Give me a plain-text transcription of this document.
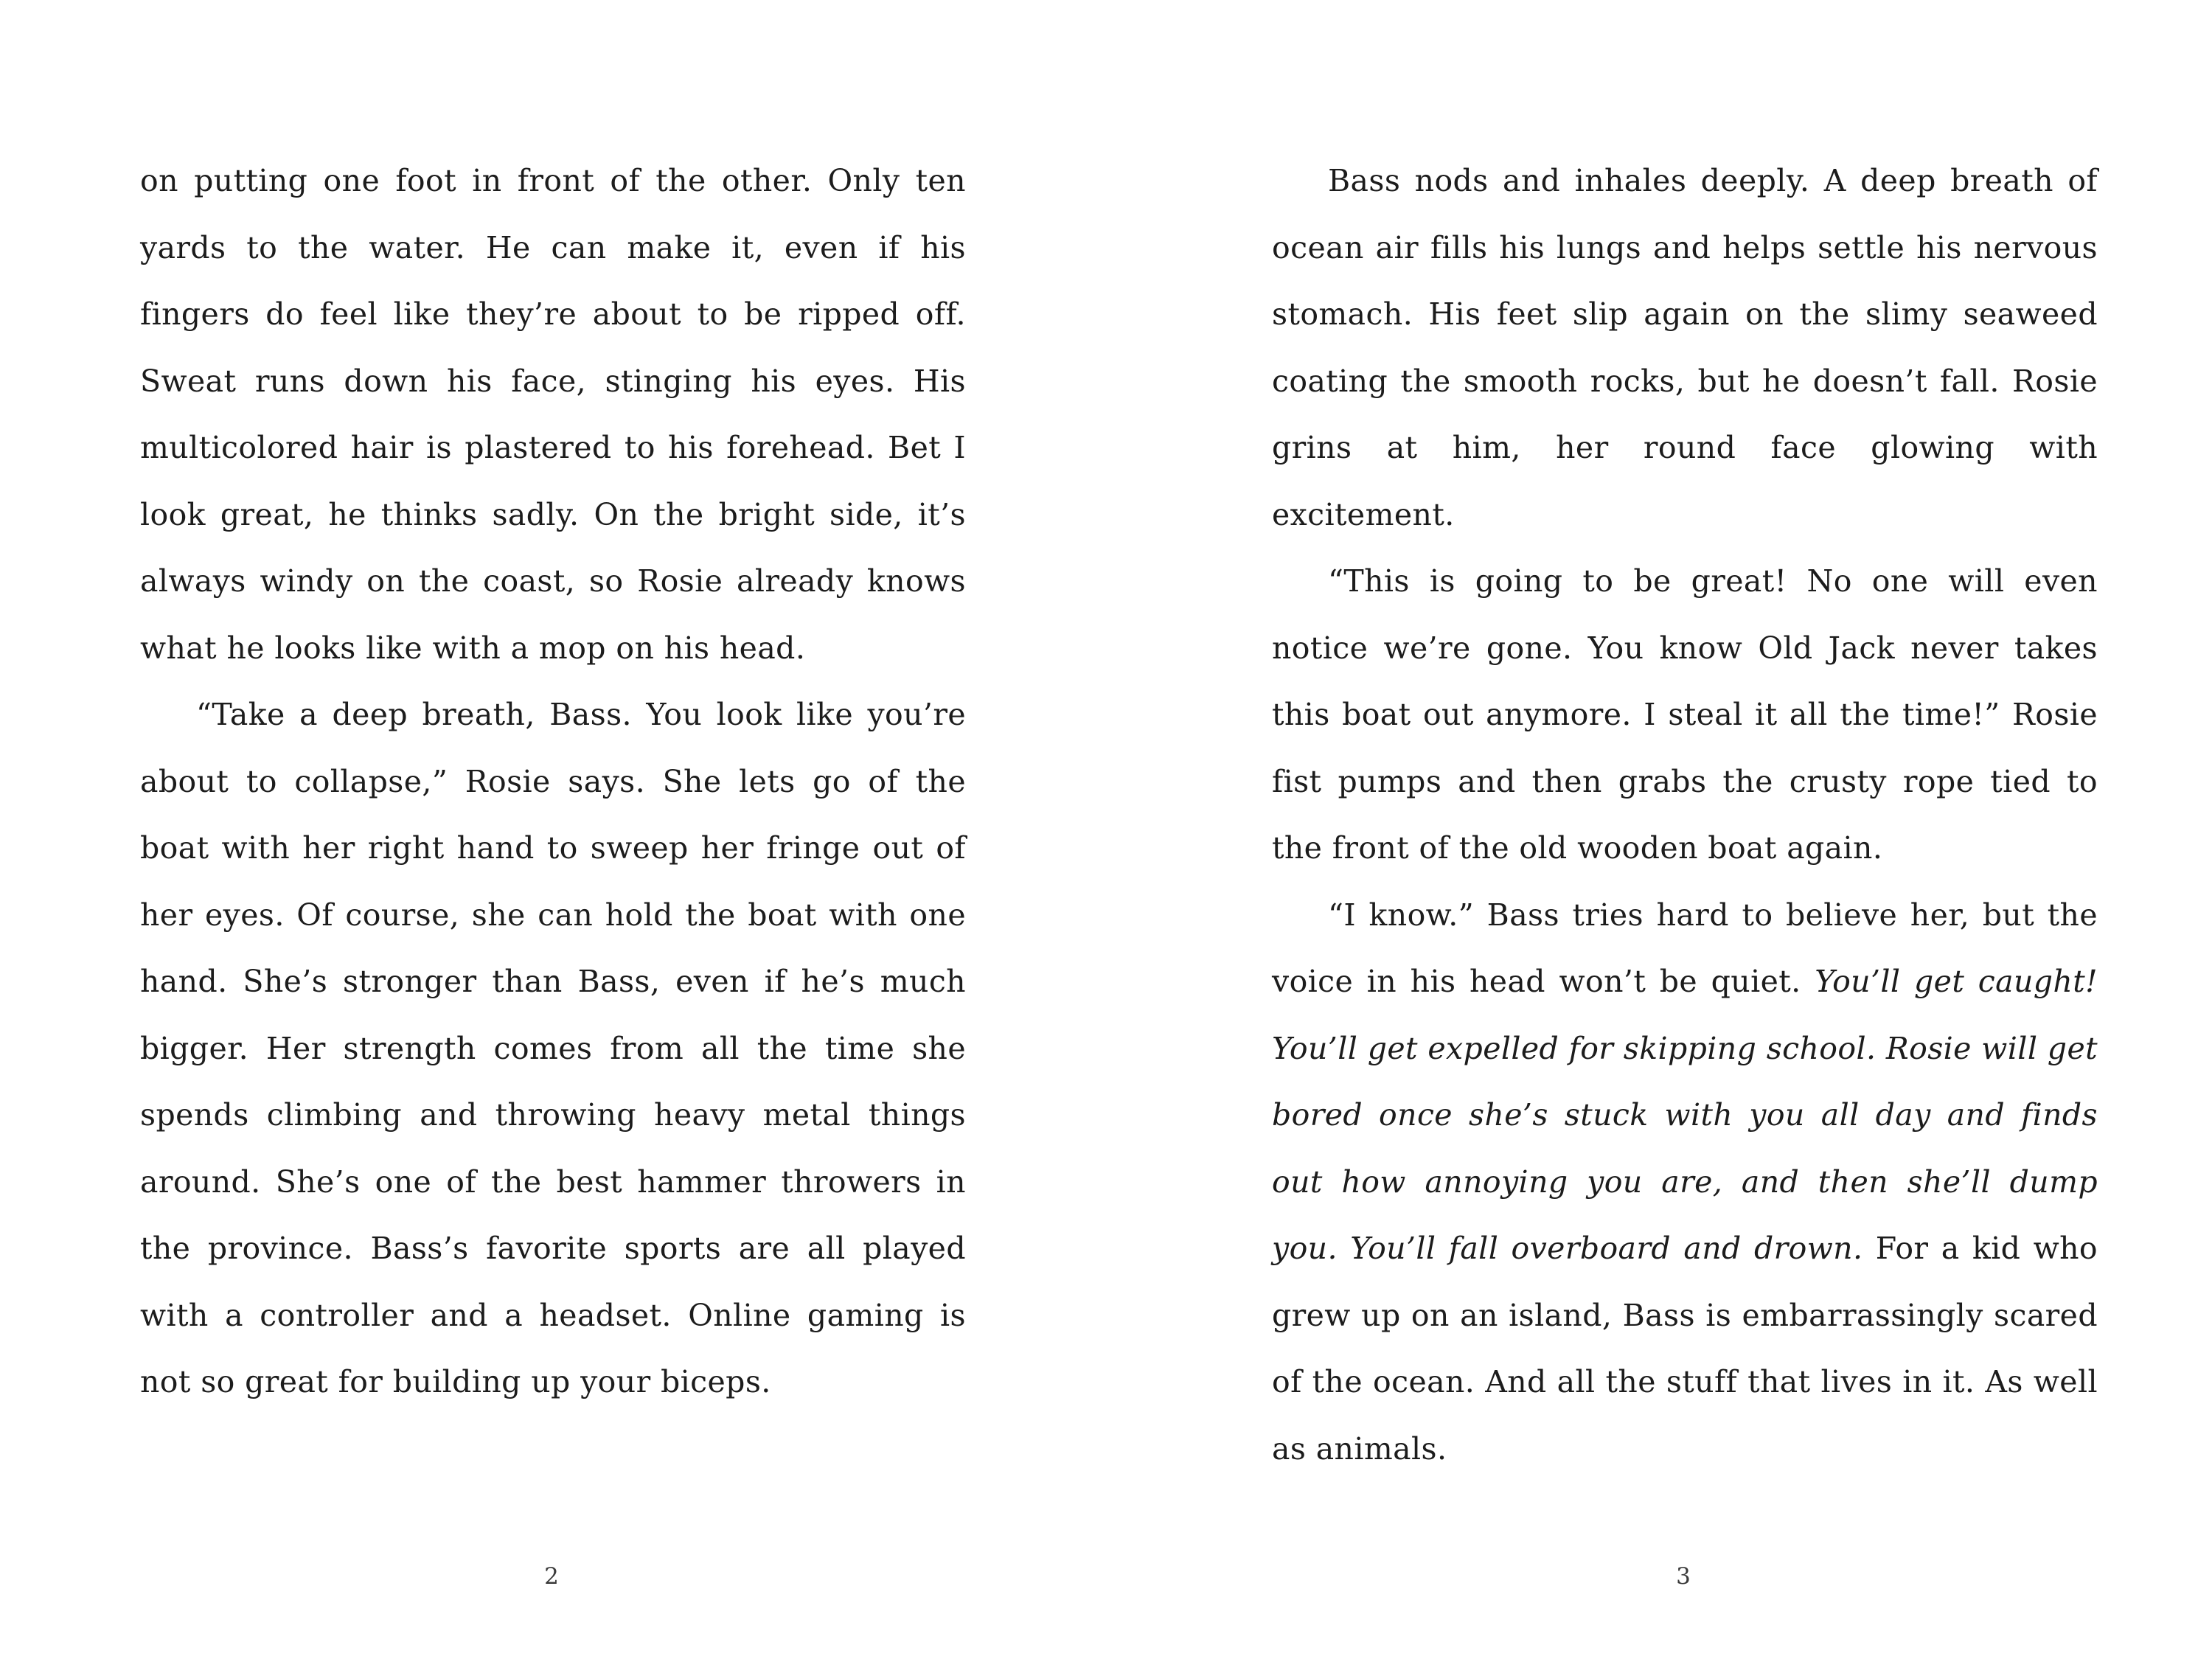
on putting one foot in front of the other. Only ten yards to the water. He can make it, even if his fingers do feel like they’re about to be ripped off. Sweat runs down his face, stinging his eyes. His multicolored hair is plastered to his forehead. Bet I look great, he thinks sadly. On the bright side, it’s always windy on the coast, so Rosie already knows what he looks like with a mop on his head.

“Take a deep breath, Bass. You look like you’re about to collapse,” Rosie says. She lets go of the boat with her right hand to sweep her fringe out of her eyes. Of course, she can hold the boat with one hand. She’s stronger than Bass, even if he’s much bigger. Her strength comes from all the time she spends climbing and throwing heavy metal things around. She’s one of the best hammer throwers in the province. Bass’s favorite sports are all played with a controller and a headset. Online gaming is not so great for building up your biceps.

2

Bass nods and inhales deeply. A deep breath of ocean air fills his lungs and helps settle his nervous stomach. His feet slip again on the slimy seaweed coating the smooth rocks, but he doesn’t fall. Rosie grins at him, her round face glowing with excitement.

“This is going to be great! No one will even notice we’re gone. You know Old Jack never takes this boat out anymore. I steal it all the time!” Rosie fist pumps and then grabs the crusty rope tied to the front of the old wooden boat again.

“I know.” Bass tries hard to believe her, but the voice in his head won’t be quiet. You’ll get caught! You’ll get expelled for skipping school. Rosie will get bored once she’s stuck with you all day and finds out how annoying you are, and then she’ll dump you. You’ll fall overboard and drown. For a kid who grew up on an island, Bass is embarrassingly scared of the ocean. And all the stuff that lives in it. As well as animals.

3
